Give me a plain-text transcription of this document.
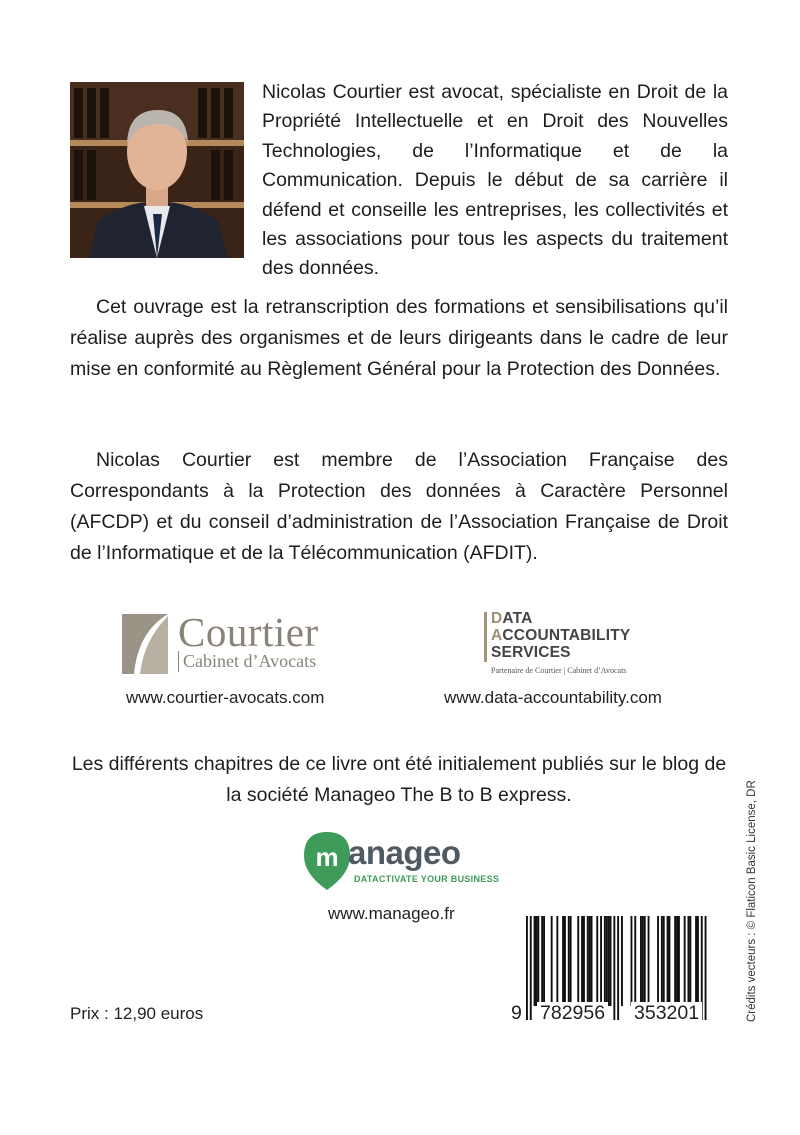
Nicolas Courtier est avocat, spécialiste en Droit de la Propriété Intellectuelle et en Droit des Nouvelles Technologies, de l’Informatique et de la Communication. Depuis le début de sa carrière il défend et conseille les entreprises, les collectivités et les associations pour tous les aspects du traitement des données.

Cet ouvrage est la retranscription des formations et sensibilisations qu’il réalise auprès des organismes et de leurs dirigeants dans le cadre de leur mise en conformité au Règlement Général pour la Protection des Données.

Nicolas Courtier est membre de l’Association Française des Correspondants à la Protection des données à Caractère Personnel (AFCDP) et du conseil d’administration de l’Association Française de Droit de l’Informatique et de la Télécommunication (AFDIT).

Courtier
Cabinet d’Avocats
www.courtier-avocats.com
DATA
ACCOUNTABILITY
SERVICES
Partenaire de Courtier | Cabinet d’Avocats
www.data-accountability.com

Les différents chapitres de ce livre ont été initialement publiés sur le blog de la société Manageo The B to B express.

m anageo
DATACTIVATE YOUR BUSINESS
www.manageo.fr
Prix : 12,90 euros	9 782956 353201	Crédits vecteurs : © Flaticon Basic License, DR
